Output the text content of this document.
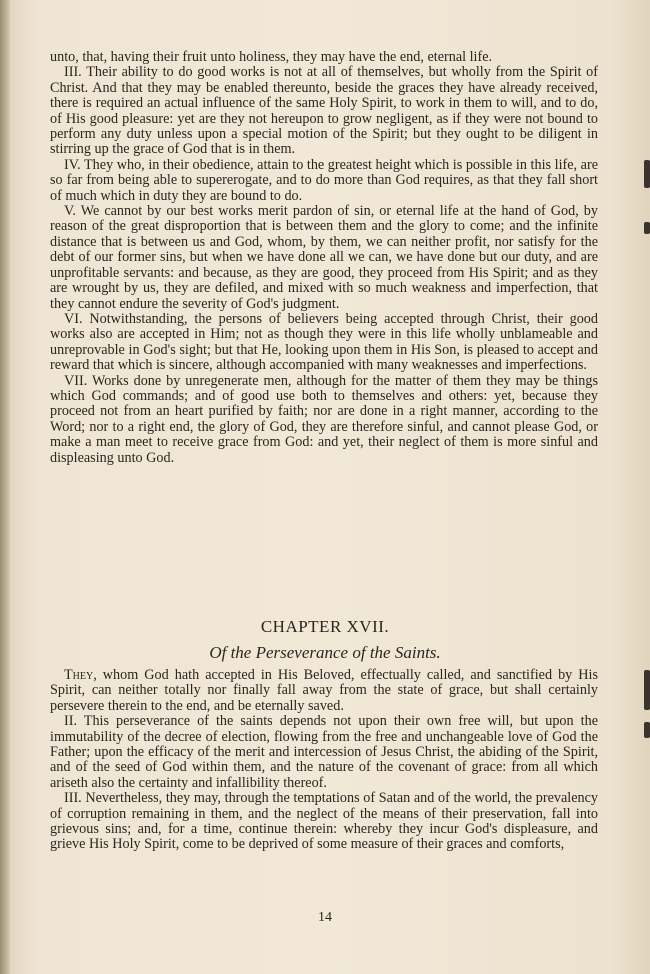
unto, that, having their fruit unto holiness, they may have the end, eternal life.

III. Their ability to do good works is not at all of themselves, but wholly from the Spirit of Christ. And that they may be enabled thereunto, beside the graces they have already received, there is required an actual influence of the same Holy Spirit, to work in them to will, and to do, of His good pleasure: yet are they not hereupon to grow negligent, as if they were not bound to perform any duty unless upon a special motion of the Spirit; but they ought to be diligent in stirring up the grace of God that is in them.

IV. They who, in their obedience, attain to the greatest height which is possible in this life, are so far from being able to supererogate, and to do more than God requires, as that they fall short of much which in duty they are bound to do.

V. We cannot by our best works merit pardon of sin, or eternal life at the hand of God, by reason of the great disproportion that is between them and the glory to come; and the infinite distance that is between us and God, whom, by them, we can neither profit, nor satisfy for the debt of our former sins, but when we have done all we can, we have done but our duty, and are unprofitable servants: and because, as they are good, they proceed from His Spirit; and as they are wrought by us, they are defiled, and mixed with so much weakness and imperfection, that they cannot endure the severity of God's judgment.

VI. Notwithstanding, the persons of believers being accepted through Christ, their good works also are accepted in Him; not as though they were in this life wholly unblameable and unreprovable in God's sight; but that He, looking upon them in His Son, is pleased to accept and reward that which is sincere, although accompanied with many weaknesses and imperfections.

VII. Works done by unregenerate men, although for the matter of them they may be things which God commands; and of good use both to themselves and others: yet, because they proceed not from an heart purified by faith; nor are done in a right manner, according to the Word; nor to a right end, the glory of God, they are therefore sinful, and cannot please God, or make a man meet to receive grace from God: and yet, their neglect of them is more sinful and displeasing unto God.

CHAPTER XVII.
Of the Perseverance of the Saints.

They, whom God hath accepted in His Beloved, effectually called, and sanctified by His Spirit, can neither totally nor finally fall away from the state of grace, but shall certainly persevere therein to the end, and be eternally saved.

II. This perseverance of the saints depends not upon their own free will, but upon the immutability of the decree of election, flowing from the free and unchangeable love of God the Father; upon the efficacy of the merit and intercession of Jesus Christ, the abiding of the Spirit, and of the seed of God within them, and the nature of the covenant of grace: from all which ariseth also the certainty and infallibility thereof.

III. Nevertheless, they may, through the temptations of Satan and of the world, the prevalency of corruption remaining in them, and the neglect of the means of their preservation, fall into grievous sins; and, for a time, continue therein: whereby they incur God's displeasure, and grieve His Holy Spirit, come to be deprived of some measure of their graces and comforts,

14
